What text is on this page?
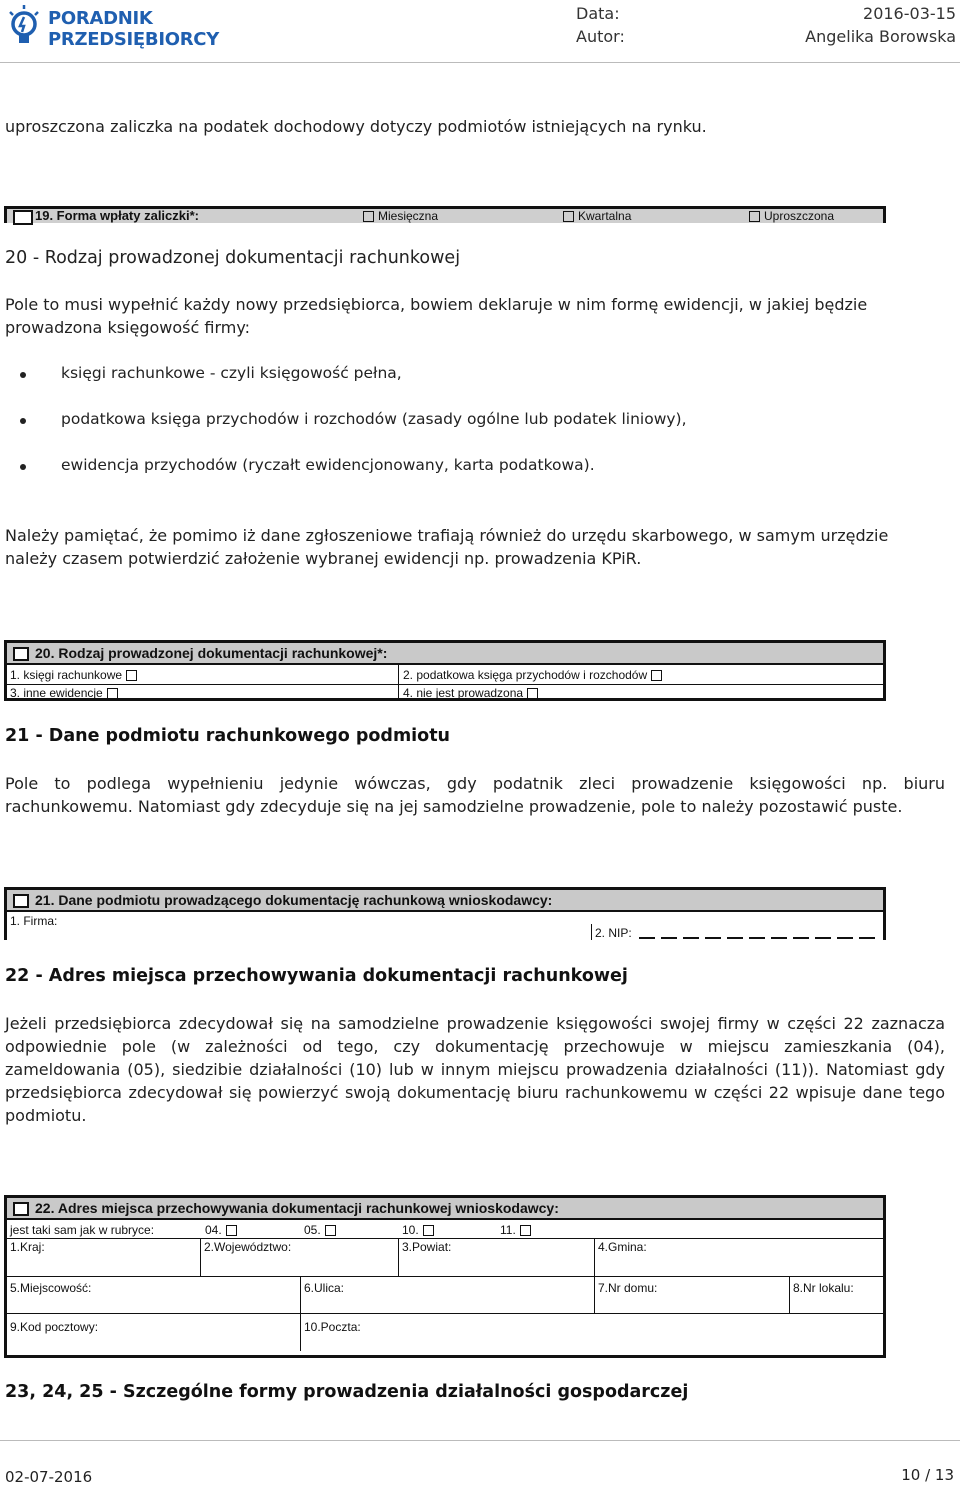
PORADNIK
PRZEDSIĘBIORCY
Data:	2016-03-15
Autor:	Angelika Borowska
uproszczona zaliczka na podatek dochodowy dotyczy podmiotów istniejących na rynku.
19. Forma wpłaty zaliczki*:	Miesięczna	Kwartalna	Uproszczona
20 - Rodzaj prowadzonej dokumentacji rachunkowej
Pole to musi wypełnić każdy nowy przedsiębiorca, bowiem deklaruje w nim formę ewidencji, w jakiej będzie
prowadzona księgowość firmy:
księgi rachunkowe - czyli księgowość pełna,
podatkowa księga przychodów i rozchodów (zasady ogólne lub podatek liniowy),
ewidencja przychodów (ryczałt ewidencjonowany, karta podatkowa).
Należy pamiętać, że pomimo iż dane zgłoszeniowe trafiają również do urzędu skarbowego, w samym urzędzie
należy czasem potwierdzić założenie wybranej ewidencji np. prowadzenia KPiR.
20. Rodzaj prowadzonej dokumentacji rachunkowej*:
1. księgi rachunkowe	2. podatkowa księga przychodów i rozchodów
3. inne ewidencje	4. nie jest prowadzona
21 - Dane podmiotu rachunkowego podmiotu
Pole to podlega wypełnieniu jedynie wówczas, gdy podatnik zleci prowadzenie księgowości np. biuru
rachunkowemu. Natomiast gdy zdecyduje się na jej samodzielne prowadzenie, pole to należy pozostawić puste.
21. Dane podmiotu prowadzącego dokumentację rachunkową wnioskodawcy:
1. Firma:
2. NIP:
22 - Adres miejsca przechowywania dokumentacji rachunkowej
Jeżeli przedsiębiorca zdecydował się na samodzielne prowadzenie księgowości swojej firmy w części 22 zaznacza
odpowiednie pole (w zależności od tego, czy dokumentację przechowuje w miejscu zamieszkania (04),
zameldowania (05), siedzibie działalności (10) lub w innym miejscu prowadzenia działalności (11)). Natomiast gdy
przedsiębiorca zdecydował się powierzyć swoją dokumentację biuru rachunkowemu w części 22 wpisuje dane tego
podmiotu.
22. Adres miejsca przechowywania dokumentacji rachunkowej wnioskodawcy:
jest taki sam jak w rubryce:	04.	05.	10.	11.
1.Kraj:	2.Województwo:	3.Powiat:	4.Gmina:
5.Miejscowość:	6.Ulica:	7.Nr domu:	8.Nr lokalu:
9.Kod pocztowy:	10.Poczta:
23, 24, 25 - Szczególne formy prowadzenia działalności gospodarczej
02-07-2016	10 / 13
